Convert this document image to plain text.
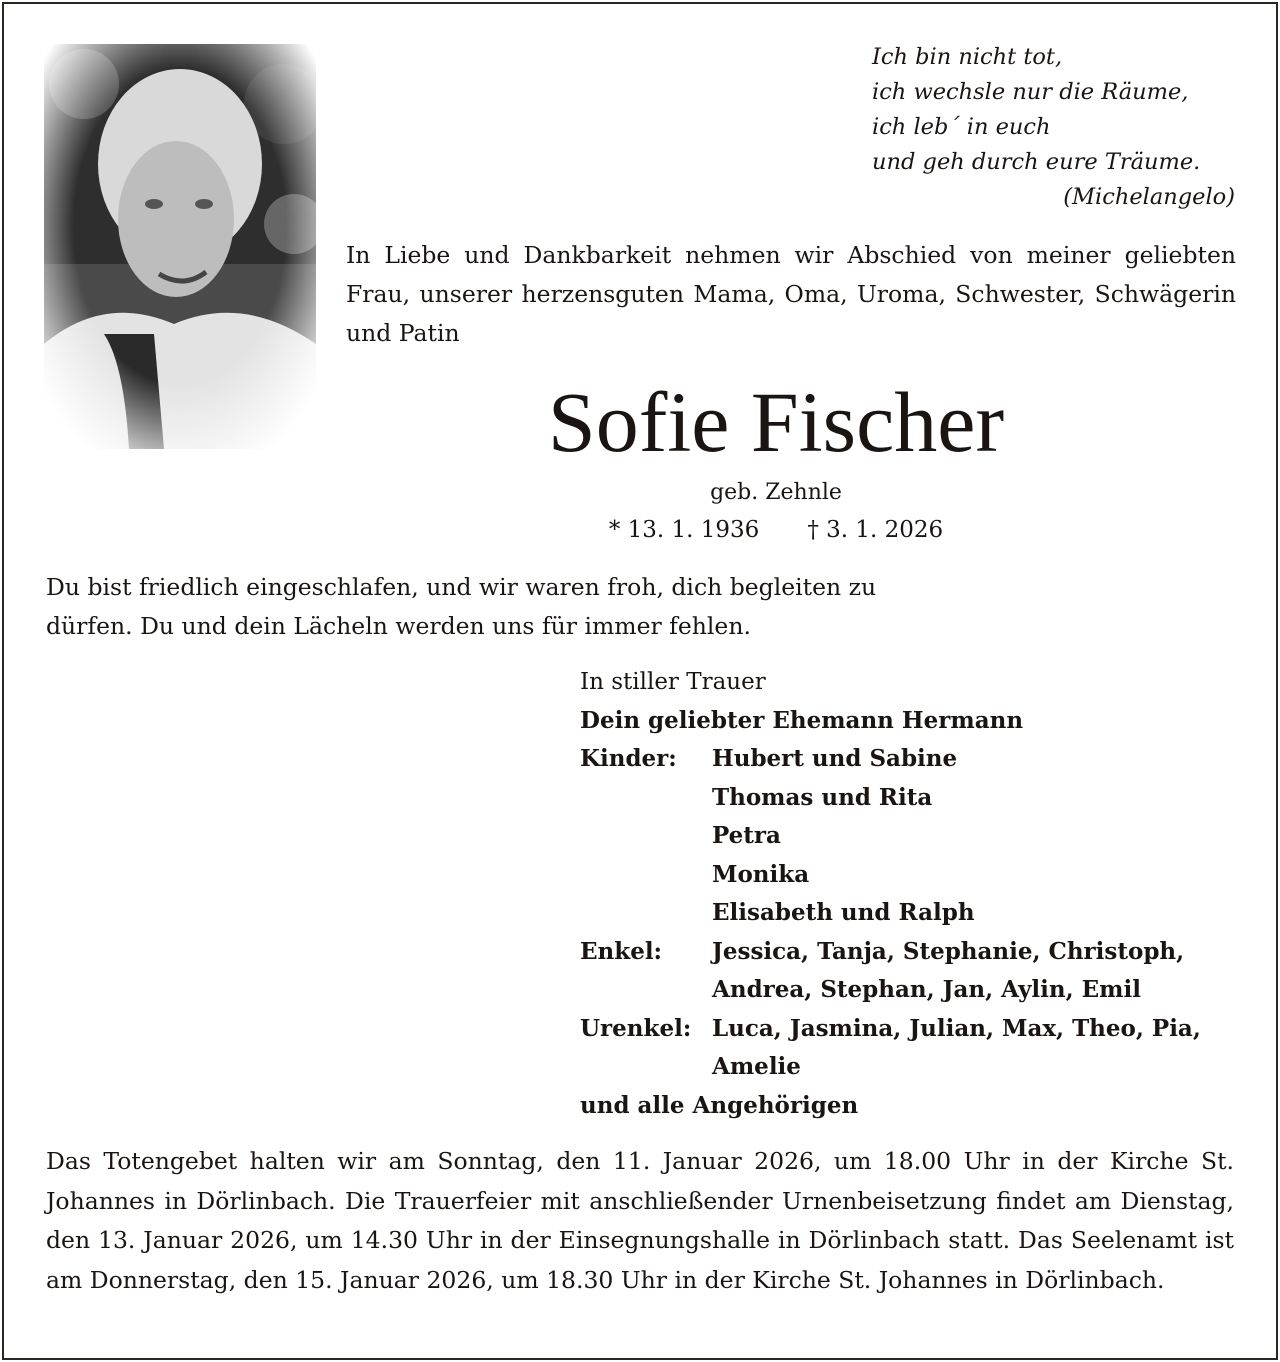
Ich bin nicht tot,
ich wechsle nur die Räume,
ich leb´ in euch
und geh durch eure Träume.
(Michelangelo)
In Liebe und Dankbarkeit nehmen wir Abschied von meiner geliebten Frau, unserer herzensguten Mama, Oma, Uroma, Schwester, Schwägerin und Patin
Sofie Fischer
geb. Zehnle
* 13. 1. 1936 † 3. 1. 2026
Du bist friedlich eingeschlafen, und wir waren froh, dich begleiten zu dürfen. Du und dein Lächeln werden uns für immer fehlen.
In stiller Trauer
Dein geliebter Ehemann Hermann
Kinder:	Hubert und Sabine
Thomas und Rita
Petra
Monika
Elisabeth und Ralph
Enkel:	Jessica, Tanja, Stephanie, Christoph,
Andrea, Stephan, Jan, Aylin, Emil
Urenkel: Luca, Jasmina, Julian, Max, Theo, Pia,
Amelie
und alle Angehörigen
Das Totengebet halten wir am Sonntag, den 11. Januar 2026, um 18.00 Uhr in der Kirche St. Johannes in Dörlinbach. Die Trauerfeier mit anschließender Urnenbeisetzung findet am Dienstag, den 13. Januar 2026, um 14.30 Uhr in der Einsegnungshalle in Dörlinbach statt. Das Seelenamt ist am Donnerstag, den 15. Januar 2026, um 18.30 Uhr in der Kirche St. Johannes in Dörlinbach.
